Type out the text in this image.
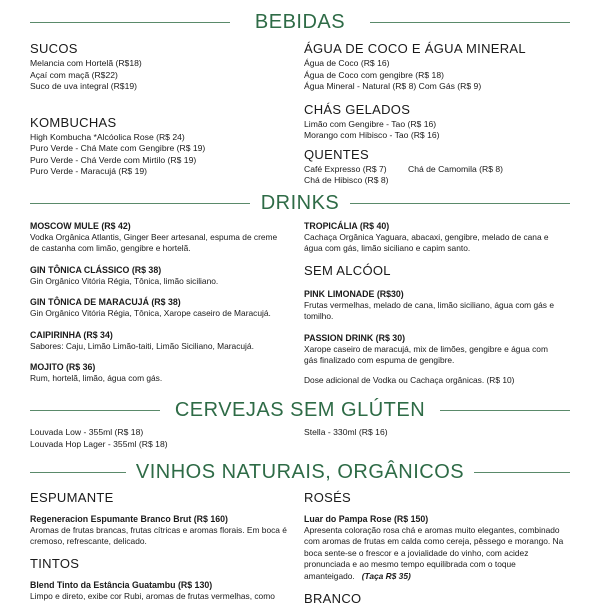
BEBIDAS
SUCOS
Melancia com Hortelã (R$18)
Açaí com maçã (R$22)
Suco de uva integral (R$19)
KOMBUCHAS
High Kombucha *Alcóolica Rose (R$ 24)
Puro Verde - Chá Mate com Gengibre (R$ 19)
Puro Verde - Chá Verde com Mirtilo (R$ 19)
Puro Verde - Maracujá (R$ 19)
ÁGUA DE COCO E ÁGUA MINERAL
Água de Coco (R$ 16)
Água de Coco com gengibre (R$ 18)
Água Mineral - Natural (R$ 8) Com Gás (R$ 9)
CHÁS GELADOS
Limão com Gengibre - Tao (R$ 16)
Morango com Hibisco - Tao (R$ 16)
QUENTES
Café Expresso (R$ 7)	Chá de Camomila (R$ 8)
Chá de Hibisco (R$ 8)
DRINKS
MOSCOW MULE (R$ 42)
Vodka Orgânica Atlantis, Ginger Beer artesanal, espuma de creme
de castanha com limão, gengibre e hortelã.
GIN TÔNICA CLÁSSICO (R$ 38)
Gin Orgânico Vitória Régia, Tônica, limão siciliano.
GIN TÔNICA DE MARACUJÁ (R$ 38)
Gin Orgânico Vitória Régia, Tônica, Xarope caseiro de Maracujá.
CAIPIRINHA (R$ 34)
Sabores: Caju, Limão Limão-taiti, Limão Siciliano, Maracujá.
MOJITO (R$ 36)
Rum, hortelã, limão, água com gás.
TROPICÁLIA (R$ 40)
Cachaça Orgânica Yaguara, abacaxi, gengibre, melado de cana e
água com gás, limão siciliano e capim santo.
SEM ALCÓOL
PINK LIMONADE (R$30)
Frutas vermelhas, melado de cana, limão siciliano, água com gás e
tomilho.
PASSION DRINK (R$ 30)
Xarope caseiro de maracujá, mix de limões, gengibre e água com
gás finalizado com espuma de gengibre.
Dose adicional de Vodka ou Cachaça orgânicas. (R$ 10)
CERVEJAS SEM GLÚTEN
Louvada Low - 355ml (R$ 18)
Louvada Hop Lager - 355ml (R$ 18)
Stella - 330ml (R$ 16)
VINHOS NATURAIS, ORGÂNICOS
ESPUMANTE
Regeneracion Espumante Branco Brut (R$ 160)
Aromas de frutas brancas, frutas cítricas e aromas florais. Em boca é
cremoso, refrescante, delicado.
TINTOS
Blend Tinto da Estância Guatambu (R$ 130)
Limpo e direto, exibe cor Rubi, aromas de frutas vermelhas, como
ROSÉS
Luar do Pampa Rose (R$ 150)
Apresenta coloração rosa chá e aromas muito elegantes, combinado
com aromas de frutas em calda como cereja, pêssego e morango. Na
boca sente-se o frescor e a jovialidade do vinho, com acidez
pronunciada e ao mesmo tempo equilibrada com o toque
amanteigado. (Taça R$ 35)
BRANCO
